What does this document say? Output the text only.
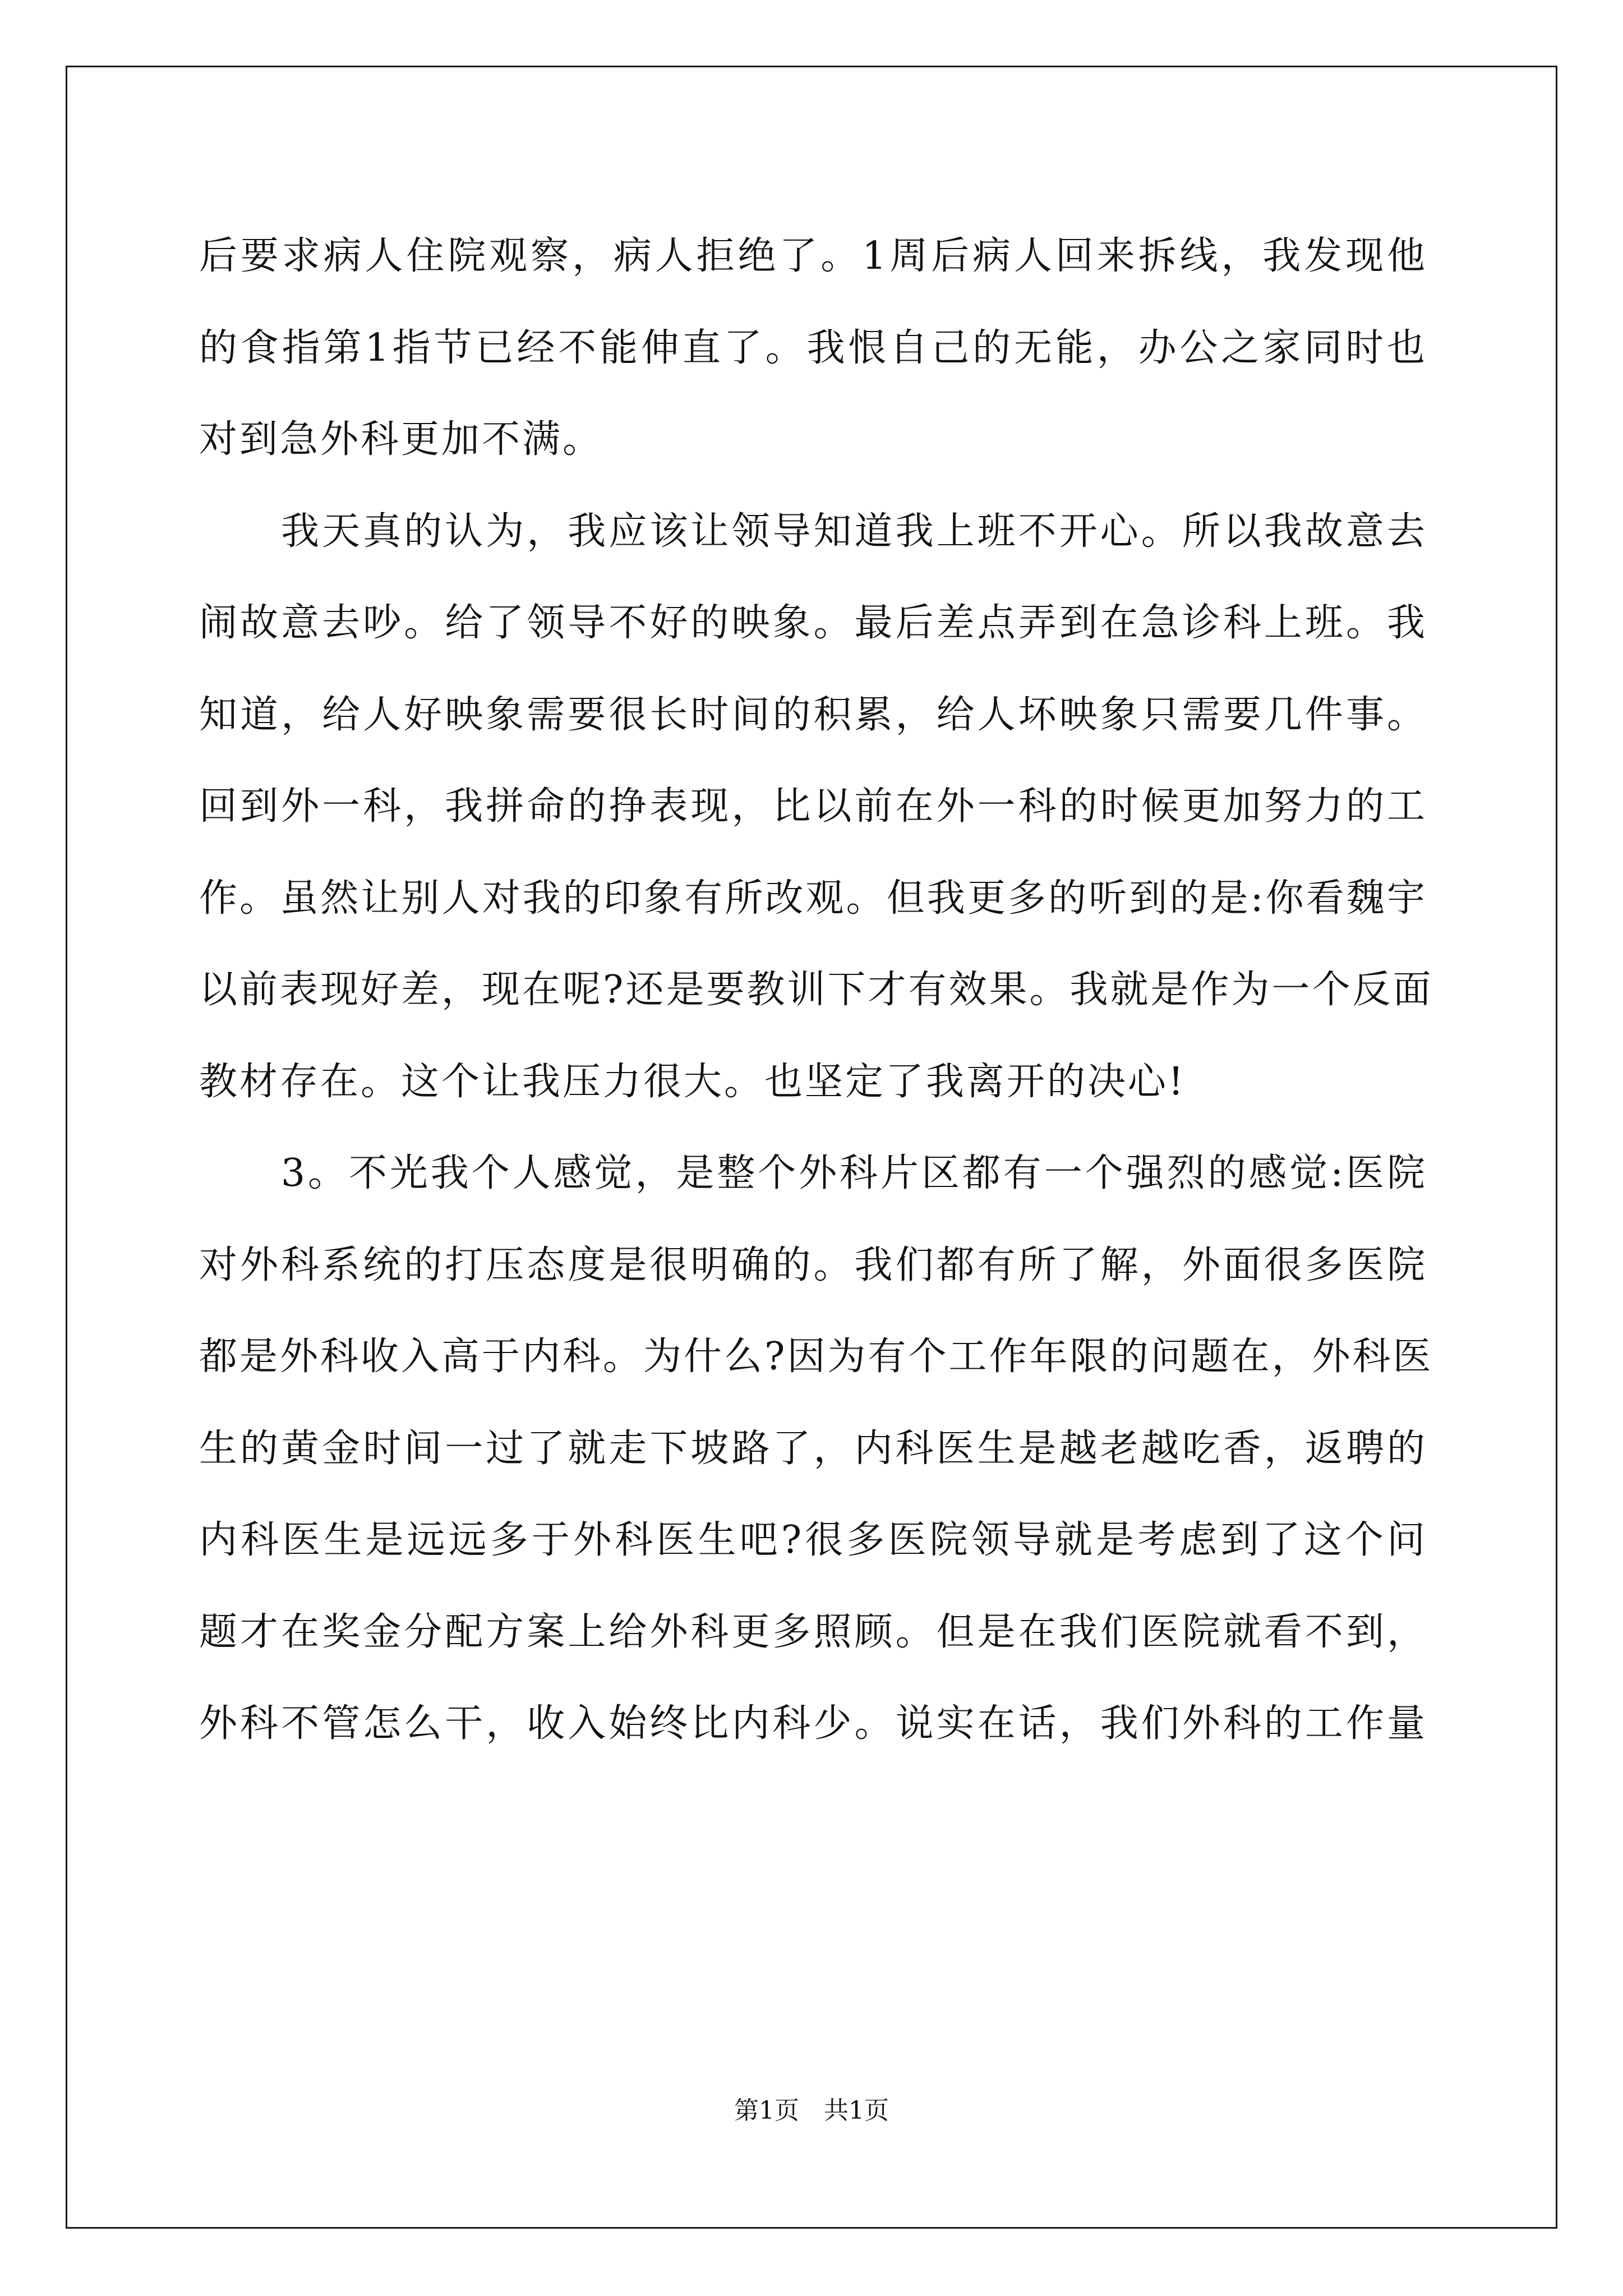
后要求病人住院观察，病人拒绝了。1周后病人回来拆线，我发现他
的食指第1指节已经不能伸直了。我恨自己的无能，办公之家同时也
对到急外科更加不满。
　　我天真的认为，我应该让领导知道我上班不开心。所以我故意去
闹故意去吵。给了领导不好的映象。最后差点弄到在急诊科上班。我
知道，给人好映象需要很长时间的积累，给人坏映象只需要几件事。
回到外一科，我拼命的挣表现，比以前在外一科的时候更加努力的工
作。虽然让别人对我的印象有所改观。但我更多的听到的是:你看魏宇
以前表现好差，现在呢?还是要教训下才有效果。我就是作为一个反面
教材存在。这个让我压力很大。也坚定了我离开的决心!
　　3。不光我个人感觉，是整个外科片区都有一个强烈的感觉:医院
对外科系统的打压态度是很明确的。我们都有所了解，外面很多医院
都是外科收入高于内科。为什么?因为有个工作年限的问题在，外科医
生的黄金时间一过了就走下坡路了，内科医生是越老越吃香，返聘的
内科医生是远远多于外科医生吧?很多医院领导就是考虑到了这个问
题才在奖金分配方案上给外科更多照顾。但是在我们医院就看不到，
外科不管怎么干，收入始终比内科少。说实在话，我们外科的工作量
第1页　共1页
